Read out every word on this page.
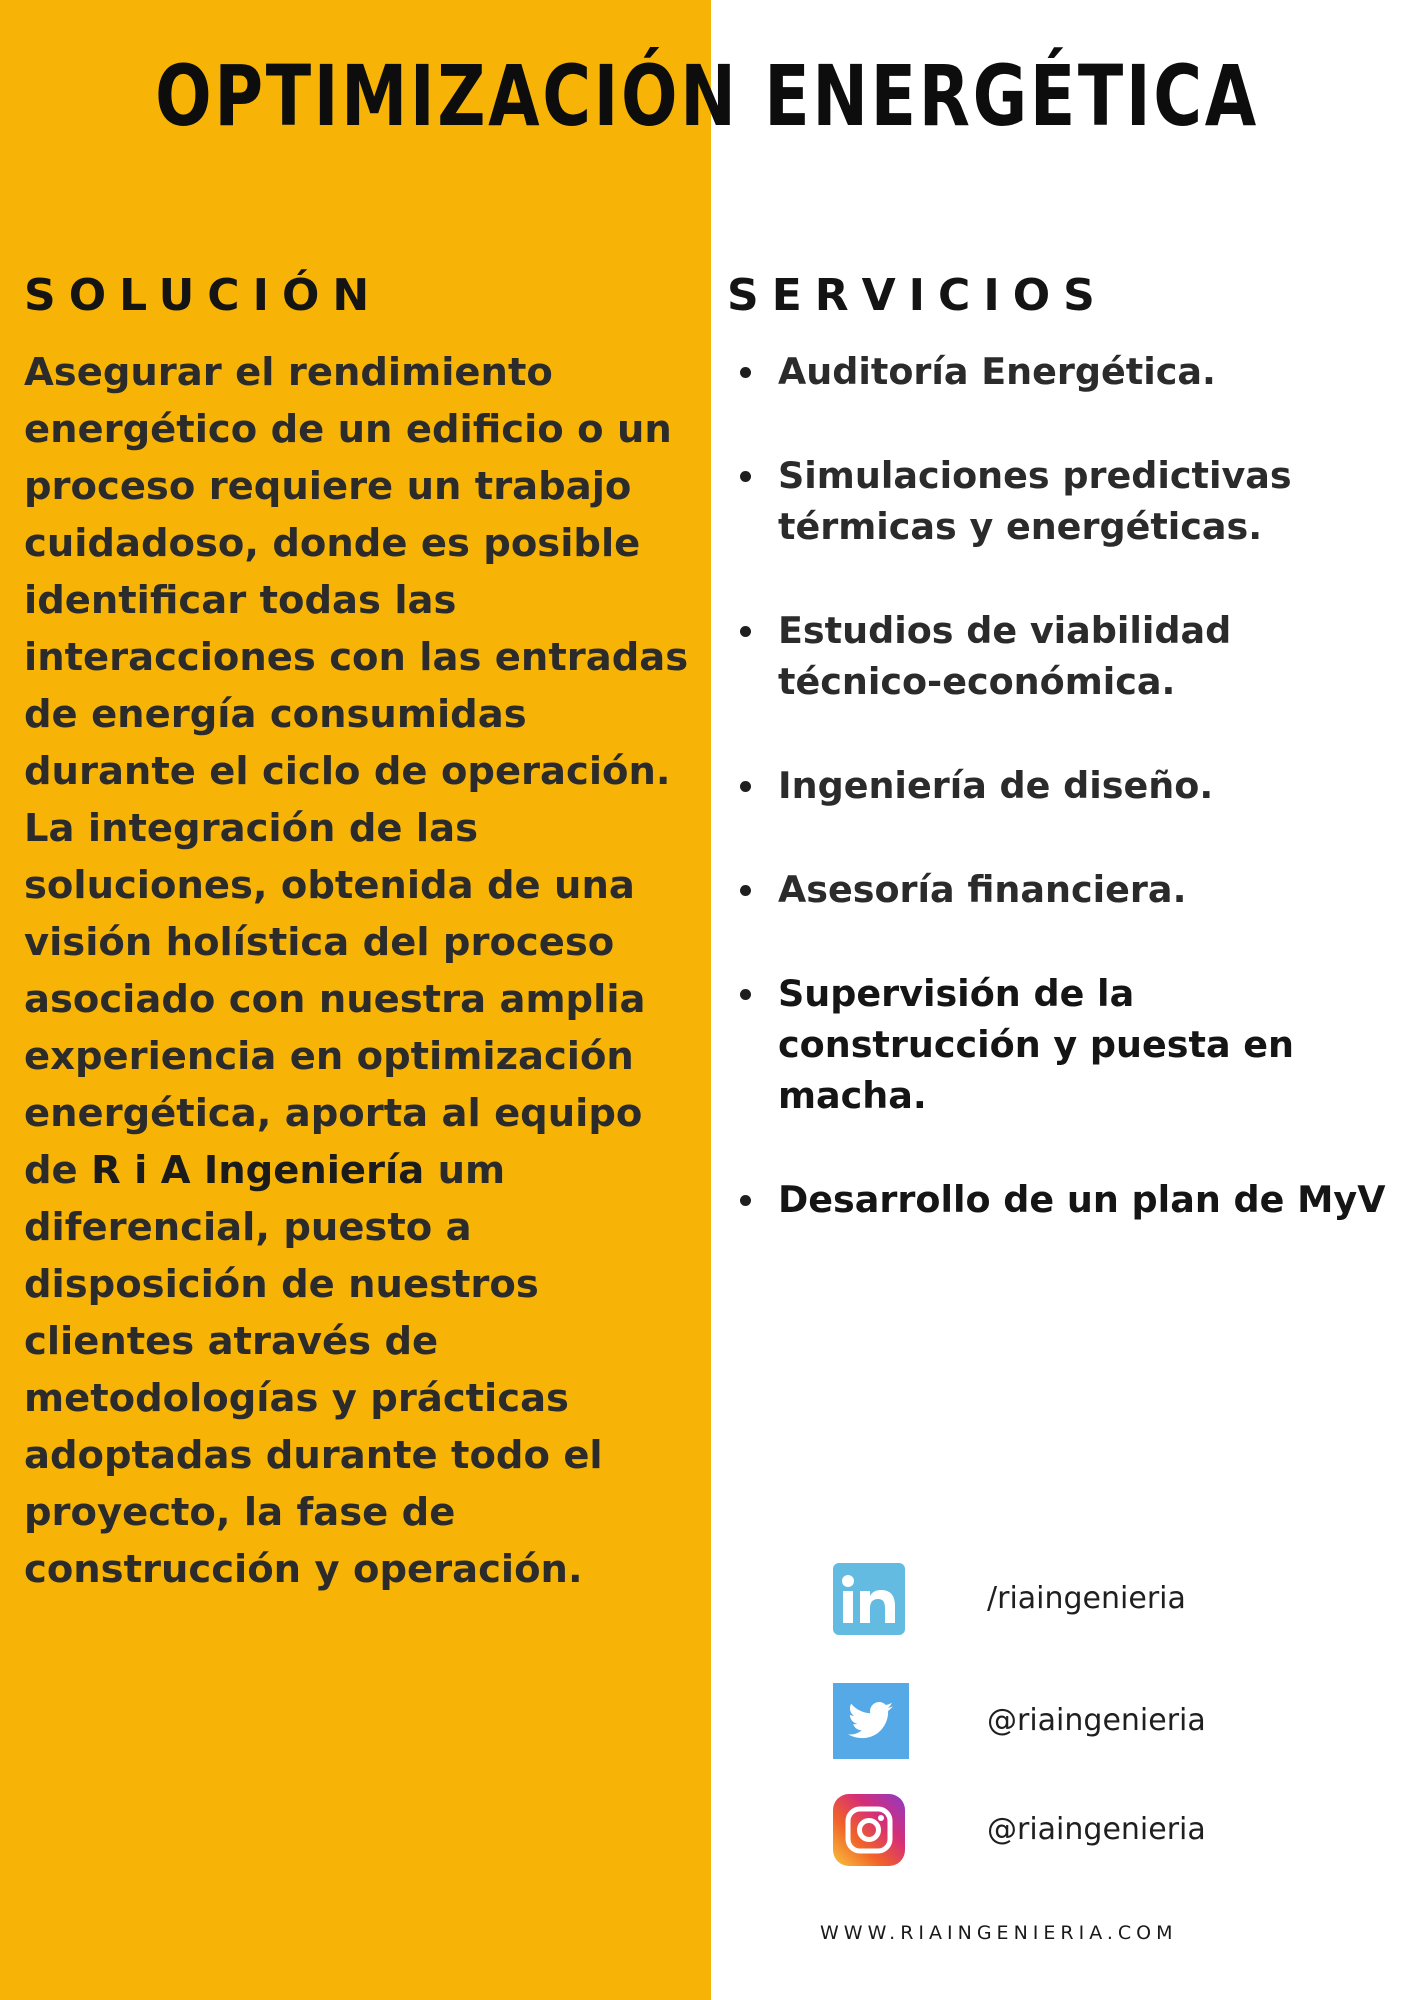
OPTIMIZACIÓN ENERGÉTICA
SOLUCIÓN

Asegurar el rendimiento energético de un edificio o un proceso requiere un trabajo cuidadoso, donde es posible identificar todas las interacciones con las entradas de energía consumidas durante el ciclo de operación. La integración de las soluciones, obtenida de una visión holística del proceso asociado con nuestra amplia experiencia en optimización energética, aporta al equipo de R i A Ingeniería um diferencial, puesto a disposición de nuestros clientes através de metodologías y prácticas adoptadas durante todo el proyecto, la fase de construcción y operación.

SERVICIOS
Auditoría Energética.
Simulaciones predictivas térmicas y energéticas.
Estudios de viabilidad técnico-económica.
Ingeniería de diseño.
Asesoría financiera.
Supervisión de la construcción y puesta en macha.
Desarrollo de un plan de MyV
/riaingenieria
@riaingenieria
@riaingenieria
WWW.RIAINGENIERIA.COM
